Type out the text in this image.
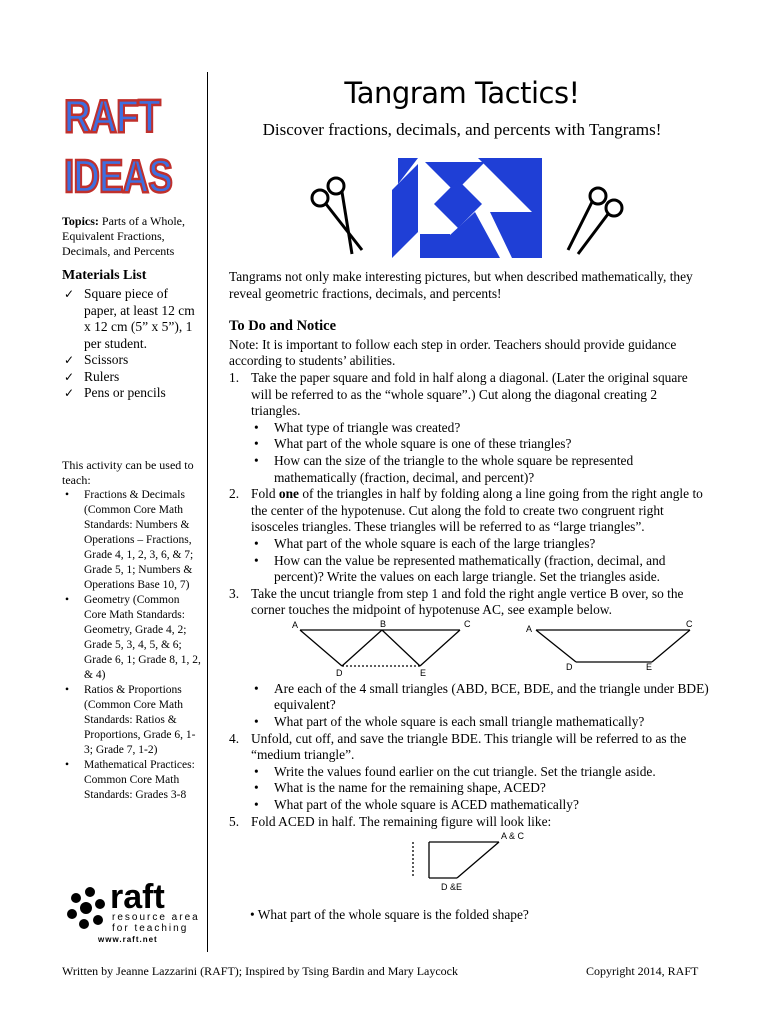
RAFT
IDEAS
Topics: Parts of a Whole, Equivalent Fractions, Decimals, and Percents
Materials List
✓ Square piece of paper, at least 12 cm x 12 cm (5” x 5”), 1 per student.
✓ Scissors
✓ Rulers
✓ Pens or pencils
This activity can be used to teach:
• Fractions & Decimals (Common Core Math Standards: Numbers & Operations – Fractions, Grade 4, 1, 2, 3, 6, & 7; Grade 5, 1; Numbers & Operations Base 10, 7)
• Geometry (Common Core Math Standards: Geometry, Grade 4, 2; Grade 5, 3, 4, 5, & 6; Grade 6, 1; Grade 8, 1, 2, & 4)
• Ratios & Proportions (Common Core Math Standards: Ratios & Proportions, Grade 6, 1-3; Grade 7, 1-2)
• Mathematical Practices: Common Core Math Standards: Grades 3-8
raft
resource area
for teaching
www.raft.net
Tangram Tactics!
Discover fractions, decimals, and percents with Tangrams!

Tangrams not only make interesting pictures, but when described mathematically, they reveal geometric fractions, decimals, and percents!

To Do and Notice

Note: It is important to follow each step in order. Teachers should provide guidance according to students’ abilities.

1. Take the paper square and fold in half along a diagonal. (Later the original square will be referred to as the “whole square”.) Cut along the diagonal creating 2 triangles.

• What type of triangle was created?

• What part of the whole square is one of these triangles?

• How can the size of the triangle to the whole square be represented mathematically (fraction, decimal, and percent)?

2. Fold one of the triangles in half by folding along a line going from the right angle to the center of the hypotenuse. Cut along the fold to create two congruent right isosceles triangles. These triangles will be referred to as “large triangles”.

• What part of the whole square is each of the large triangles?

• How can the value be represented mathematically (fraction, decimal, and percent)? Write the values on each large triangle. Set the triangles aside.

3. Take the uncut triangle from step 1 and fold the right angle vertice B over, so the corner touches the midpoint of hypotenuse AC, see example below.

• Are each of the 4 small triangles (ABD, BCE, BDE, and the triangle under BDE) equivalent?

• What part of the whole square is each small triangle mathematically?

4. Unfold, cut off, and save the triangle BDE. This triangle will be referred to as the “medium triangle”.

• Write the values found earlier on the cut triangle. Set the triangle aside.

• What is the name for the remaining shape, ACED?

• What part of the whole square is ACED mathematically?

5. Fold ACED in half. The remaining figure will look like:

A	B	C
D	E
A	C
D	E
A & C
D &E
• What part of the whole square is the folded shape?
Written by Jeanne Lazzarini (RAFT); Inspired by Tsing Bardin and Mary Laycock	Copyright 2014, RAFT
